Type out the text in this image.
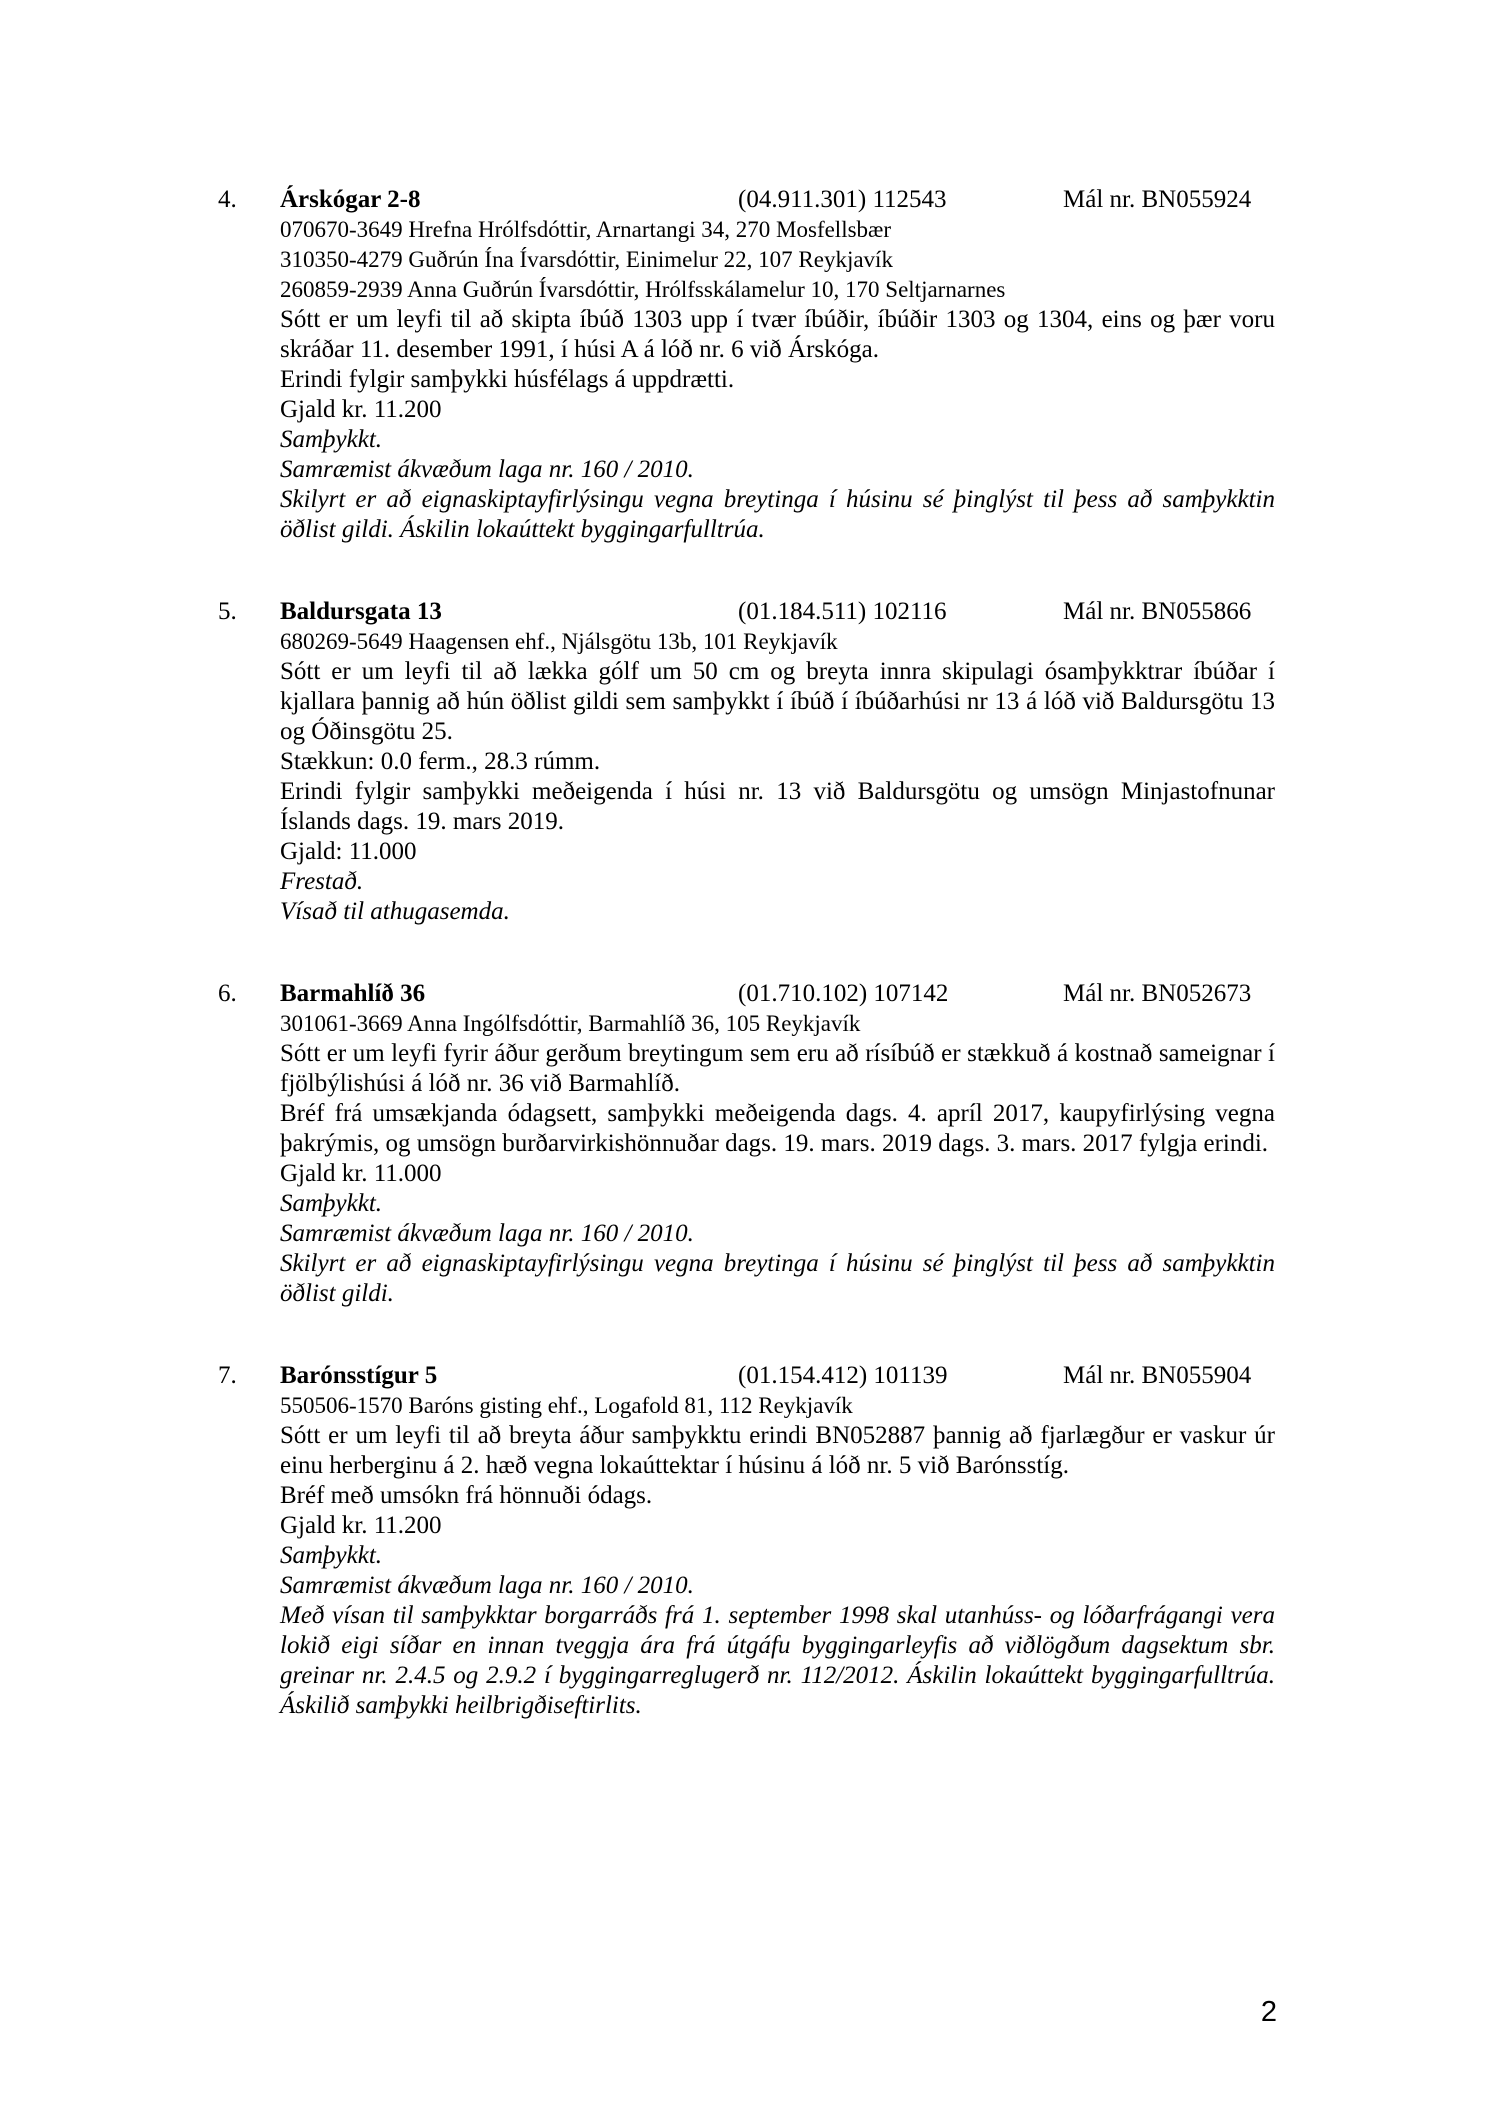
4.	Árskógar 2-8	(04.911.301) 112543	Mál nr. BN055924
070670-3649 Hrefna Hrólfsdóttir, Arnartangi 34, 270 Mosfellsbær
310350-4279 Guðrún Ína Ívarsdóttir, Einimelur 22, 107 Reykjavík
260859-2939 Anna Guðrún Ívarsdóttir, Hrólfsskálamelur 10, 170 Seltjarnarnes

Sótt er um leyfi til að skipta íbúð 1303 upp í tvær íbúðir, íbúðir 1303 og 1304, eins og þær voru skráðar 11. desember 1991, í húsi A á lóð nr. 6 við Árskóga.

Erindi fylgir samþykki húsfélags á uppdrætti.

Gjald kr. 11.200

Samþykkt.

Samræmist ákvæðum laga nr. 160 / 2010.

Skilyrt er að eignaskiptayfirlýsingu vegna breytinga í húsinu sé þinglýst til þess að samþykktin öðlist gildi. Áskilin lokaúttekt byggingarfulltrúa.

5.	Baldursgata 13	(01.184.511) 102116	Mál nr. BN055866
680269-5649 Haagensen ehf., Njálsgötu 13b, 101 Reykjavík

Sótt er um leyfi til að lækka gólf um 50 cm og breyta innra skipulagi ósamþykktrar íbúðar í kjallara þannig að hún öðlist gildi sem samþykkt í íbúð í íbúðarhúsi nr 13 á lóð við Baldursgötu 13 og Óðinsgötu 25.

Stækkun: 0.0 ferm., 28.3 rúmm.

Erindi fylgir samþykki meðeigenda í húsi nr. 13 við Baldursgötu og umsögn Minjastofnunar Íslands dags. 19. mars 2019.

Gjald: 11.000

Frestað.

Vísað til athugasemda.

6.	Barmahlíð 36	(01.710.102) 107142	Mál nr. BN052673
301061-3669 Anna Ingólfsdóttir, Barmahlíð 36, 105 Reykjavík

Sótt er um leyfi fyrir áður gerðum breytingum sem eru að rísíbúð er stækkuð á kostnað sameignar í fjölbýlishúsi á lóð nr. 36 við Barmahlíð.

Bréf frá umsækjanda ódagsett, samþykki meðeigenda dags. 4. apríl 2017, kaupyfirlýsing vegna þakrýmis, og umsögn burðarvirkishönnuðar dags. 19. mars. 2019 dags. 3. mars. 2017 fylgja erindi.

Gjald kr. 11.000

Samþykkt.

Samræmist ákvæðum laga nr. 160 / 2010.

Skilyrt er að eignaskiptayfirlýsingu vegna breytinga í húsinu sé þinglýst til þess að samþykktin öðlist gildi.

7.	Barónsstígur 5	(01.154.412) 101139	Mál nr. BN055904
550506-1570 Baróns gisting ehf., Logafold 81, 112 Reykjavík

Sótt er um leyfi til að breyta áður samþykktu erindi BN052887 þannig að fjarlægður er vaskur úr einu herberginu á 2. hæð vegna lokaúttektar í húsinu á lóð nr. 5 við Barónsstíg.

Bréf með umsókn frá hönnuði ódags.

Gjald kr. 11.200

Samþykkt.

Samræmist ákvæðum laga nr. 160 / 2010.

Með vísan til samþykktar borgarráðs frá 1. september 1998 skal utanhúss- og lóðarfrágangi vera lokið eigi síðar en innan tveggja ára frá útgáfu byggingarleyfis að viðlögðum dagsektum sbr. greinar nr. 2.4.5 og 2.9.2 í byggingarreglugerð nr. 112/2012. Áskilin lokaúttekt byggingarfulltrúa. Áskilið samþykki heilbrigðiseftirlits.

2
